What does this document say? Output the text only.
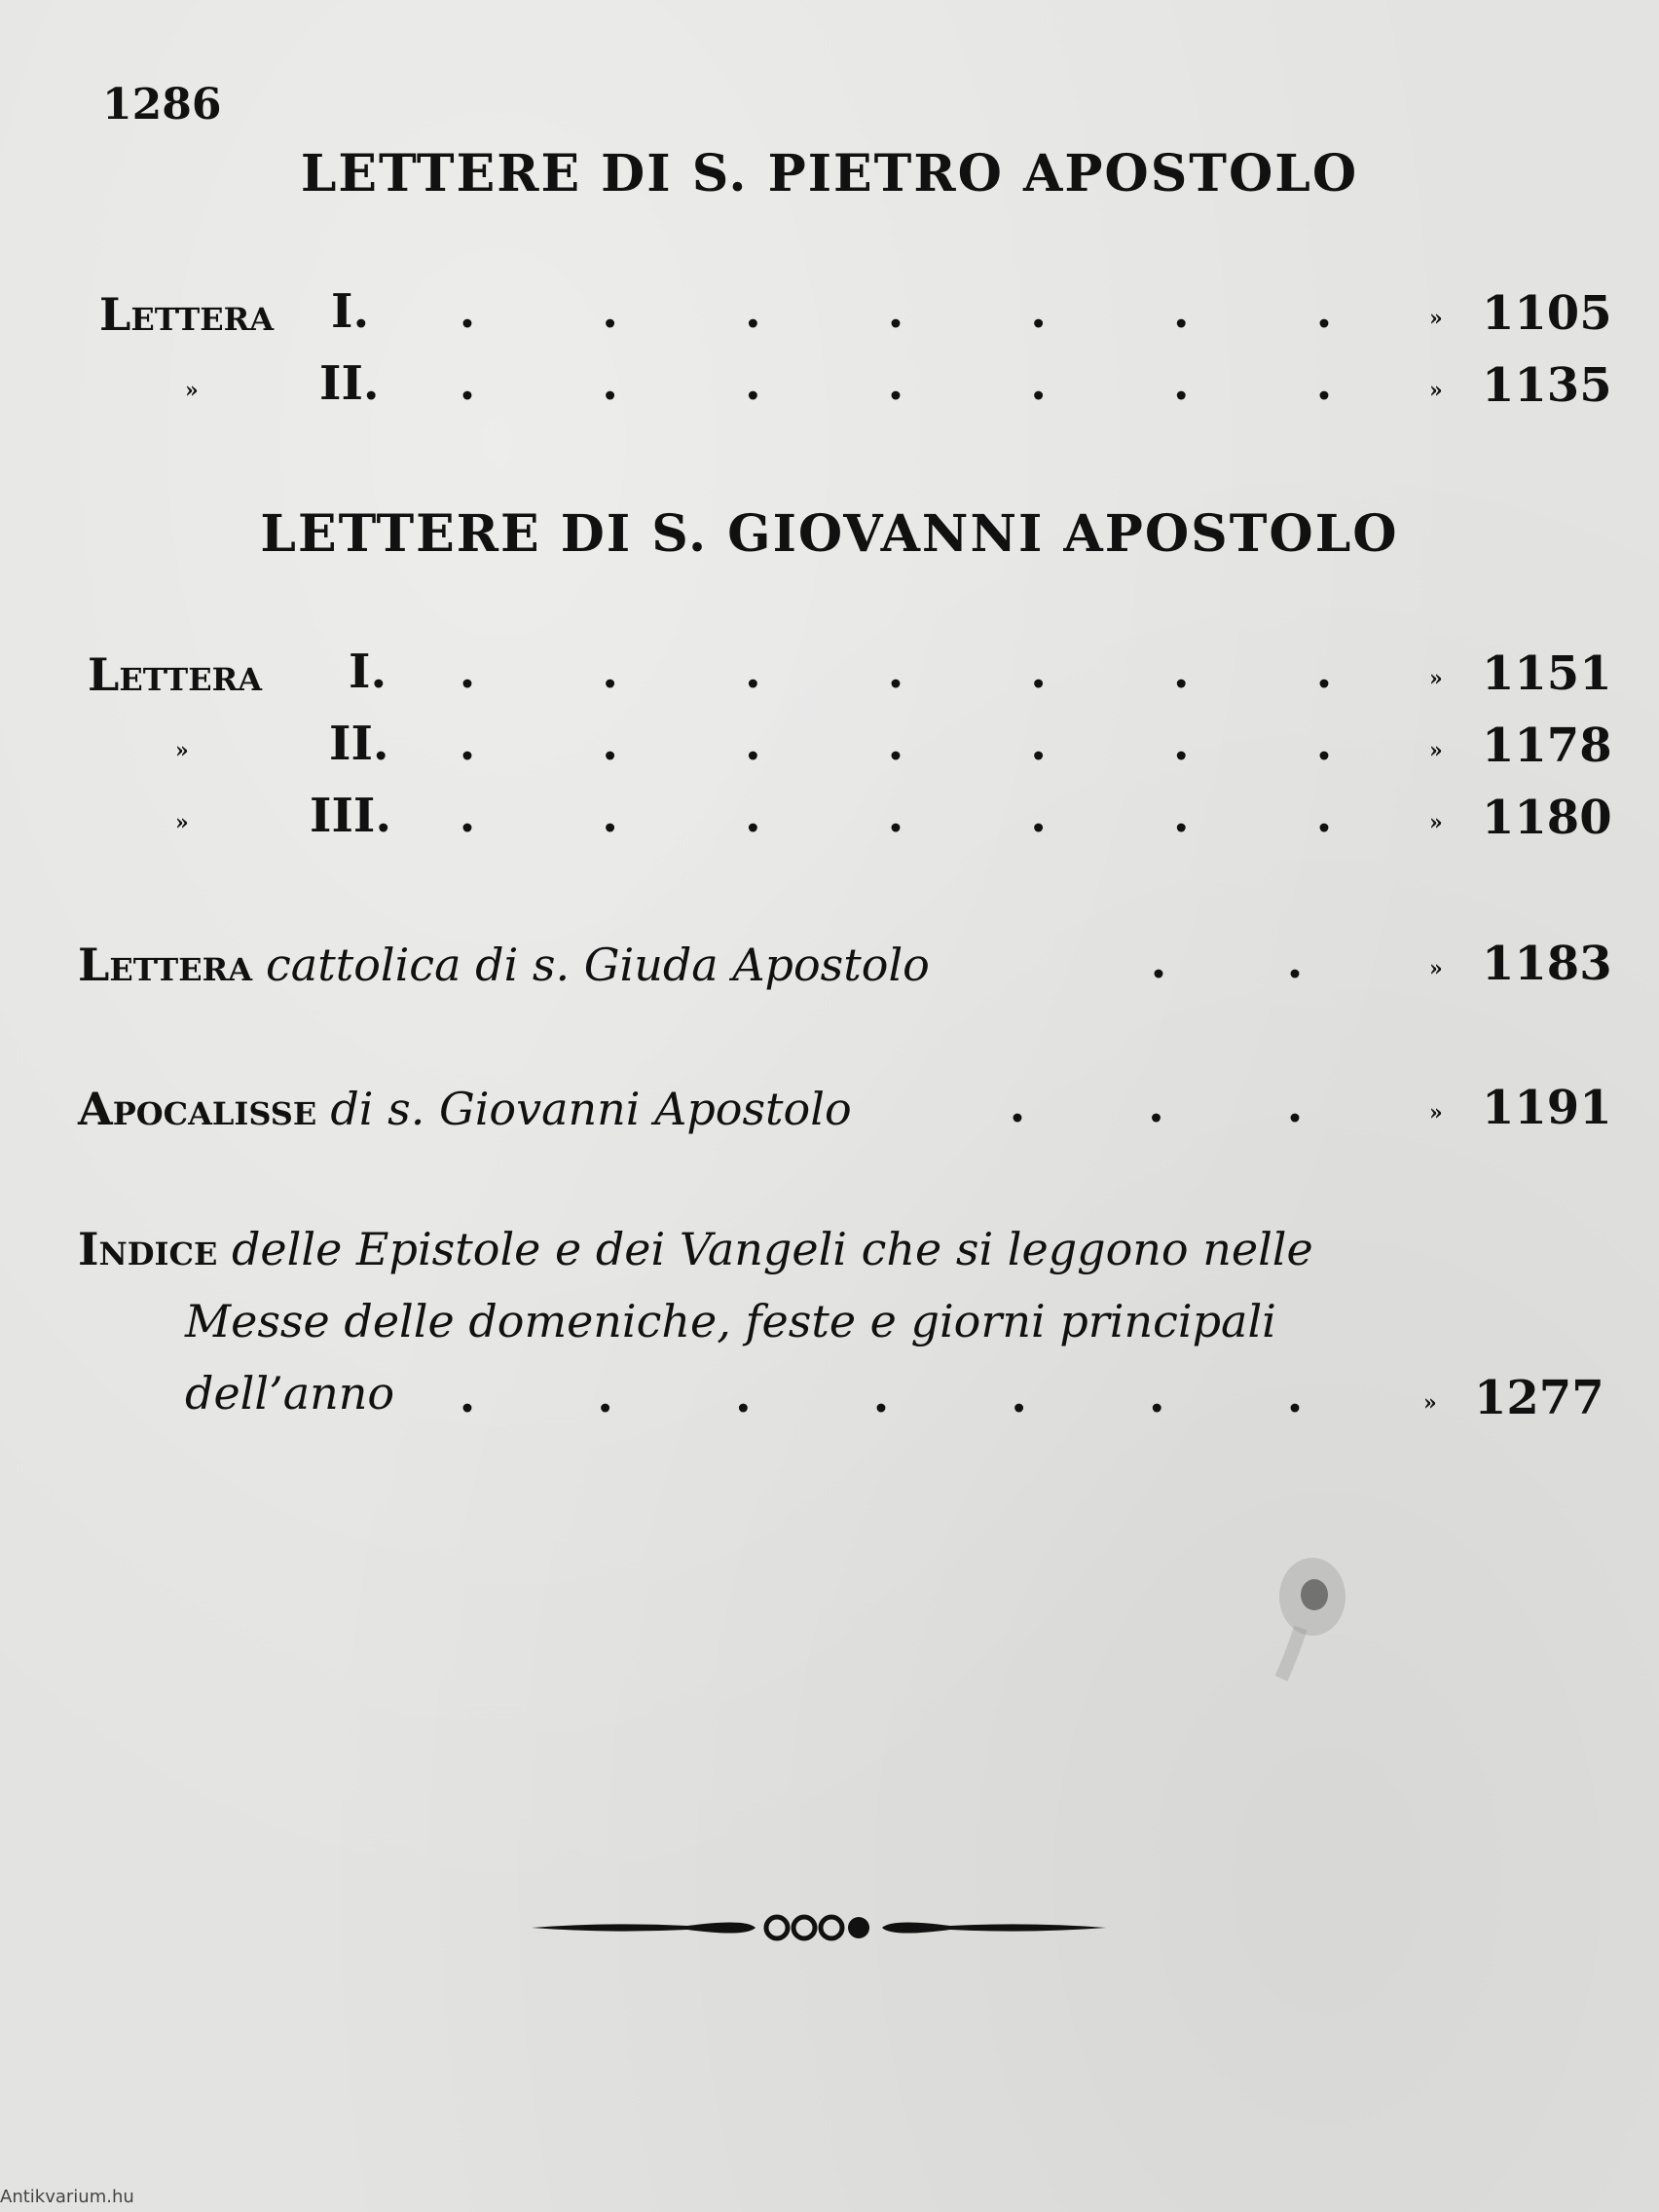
1286
LETTERE DI S. PIETRO APOSTOLO
Lettera I. .	.	.	.	.	.	.	» 1105
»	II. .	.	.	.	.	.	.	» 1135
LETTERE DI S. GIOVANNI APOSTOLO
Lettera I. .	.	.	.	.	.	.	» 1151
»	II. .	.	.	.	.	.	.	» 1178
»	III. .	.	.	.	.	.	.	» 1180
Lettera cattolica di s. Giuda Apostolo	.	.	» 1183
Apocalisse di s. Giovanni Apostolo	.	.	.	» 1191
Indice delle Epistole e dei Vangeli che si leggono nelle
Messe delle domeniche, feste e giorni principali
dell’anno	.	.	.	.	.	.	.	» 1277
Antikvarium.hu
